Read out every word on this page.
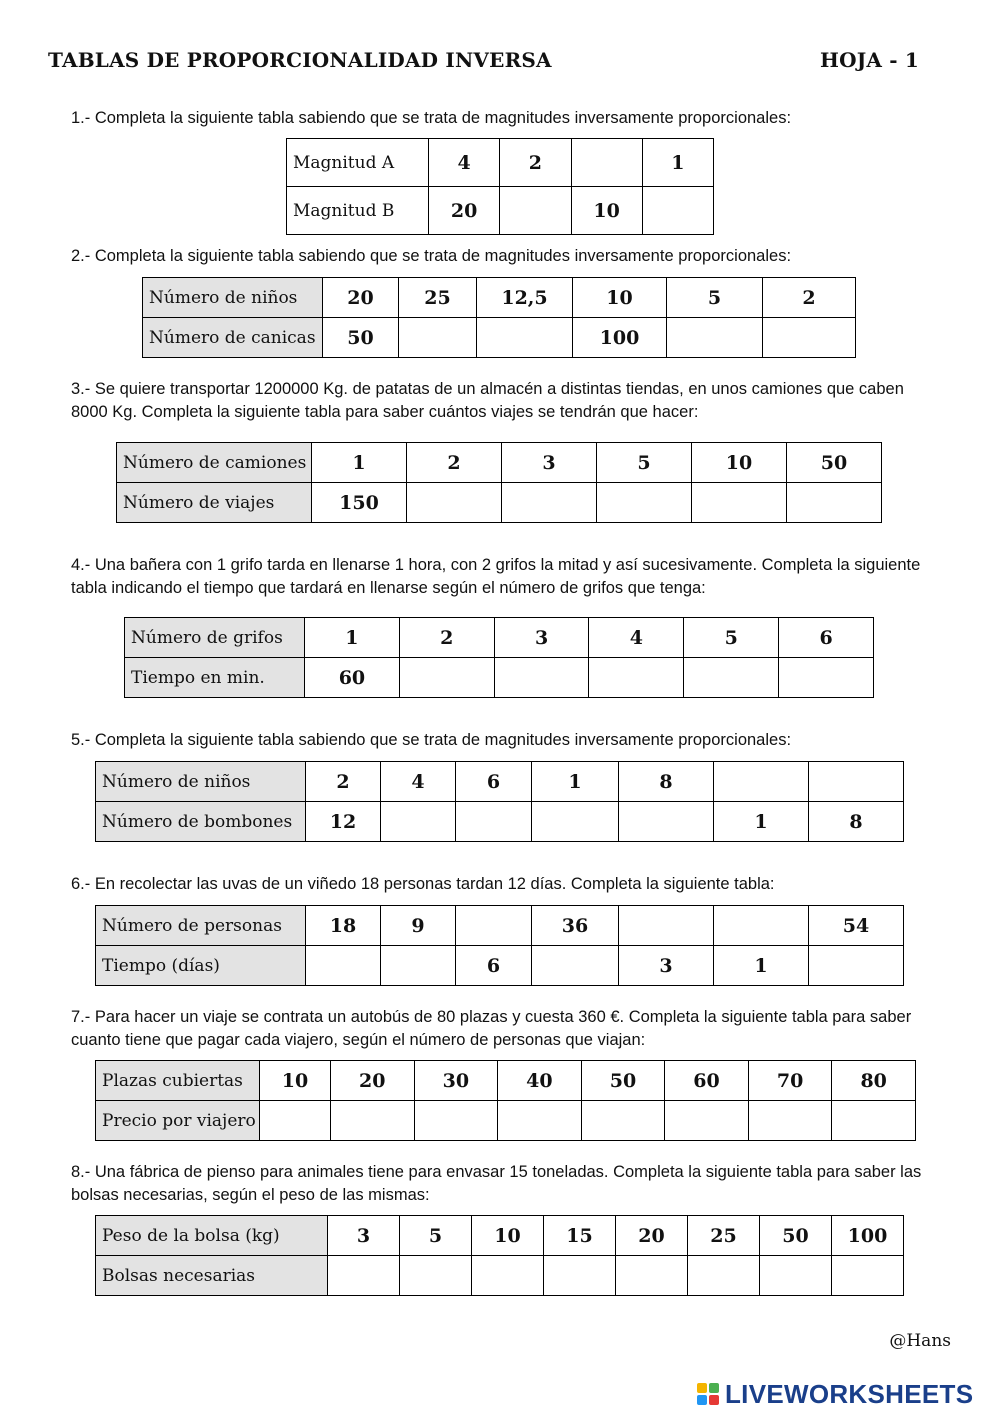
TABLAS DE PROPORCIONALIDAD INVERSA	HOJA - 1
1.- Completa la siguiente tabla sabiendo que se trata de magnitudes inversamente proporcionales:
Magnitud A	4	2		1
Magnitud B	20		10	
2.- Completa la siguiente tabla sabiendo que se trata de magnitudes inversamente proporcionales:
Número de niños	20	25	12,5	10	5	2
Número de canicas	50			100		
3.- Se quiere transportar 1200000 Kg. de patatas de un almacén a distintas tiendas, en unos camiones que caben 8000 Kg. Completa la siguiente tabla para saber cuántos viajes se tendrán que hacer:
Número de camiones	1	2	3	5	10	50
Número de viajes	150					
4.- Una bañera con 1 grifo tarda en llenarse 1 hora, con 2 grifos la mitad y así sucesivamente. Completa la siguiente tabla indicando el tiempo que tardará en llenarse según el número de grifos que tenga:
Número de grifos	1	2	3	4	5	6
Tiempo en min.	60					
5.- Completa la siguiente tabla sabiendo que se trata de magnitudes inversamente proporcionales:
Número de niños	2	4	6	1	8		
Número de bombones	12					1	8
6.- En recolectar las uvas de un viñedo 18 personas tardan 12 días. Completa la siguiente tabla:
Número de personas	18	9		36			54
Tiempo (días)			6		3	1	
7.- Para hacer un viaje se contrata un autobús de 80 plazas y cuesta 360 €. Completa la siguiente tabla para saber cuanto tiene que pagar cada viajero, según el número de personas que viajan:
Plazas cubiertas	10	20	30	40	50	60	70	80
Precio por viajero								
8.- Una fábrica de pienso para animales tiene para envasar 15 toneladas. Completa la siguiente tabla para saber las bolsas necesarias, según el peso de las mismas:
Peso de la bolsa (kg)	3	5	10	15	20	25	50	100
Bolsas necesarias								
@Hans
LIVEWORKSHEETS
